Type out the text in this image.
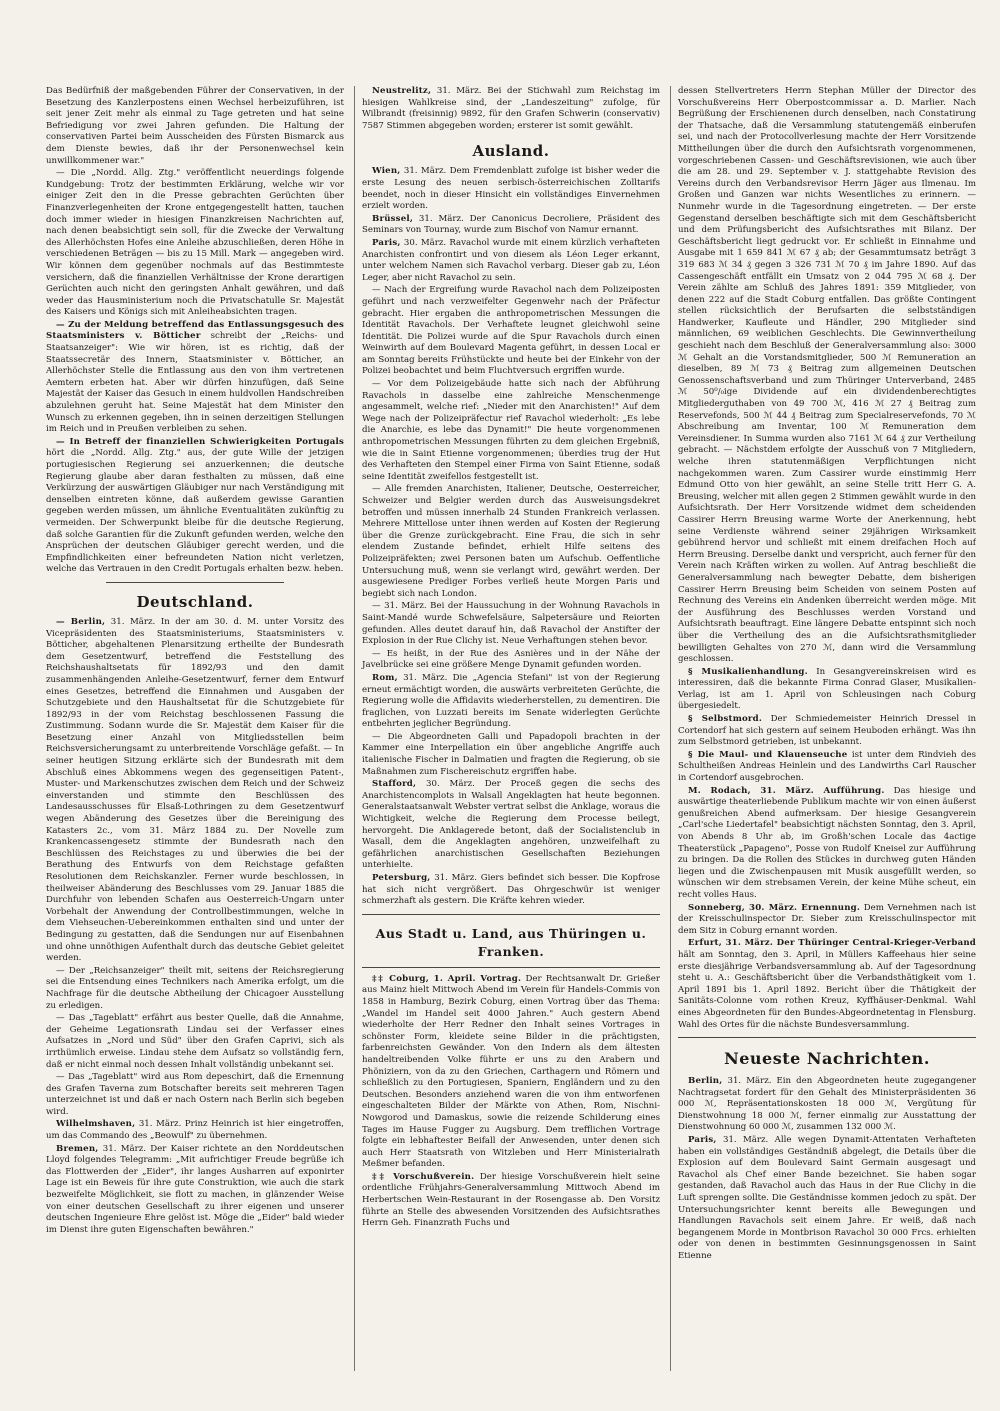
Das Bedürfniß der maßgebenden Führer der Conservativen, in der Besetzung des Kanzlerpostens einen Wechsel herbeizuführen, ist seit jener Zeit mehr als einmal zu Tage getreten und hat seine Befriedigung vor zwei Jahren gefunden. Die Haltung der conservativen Partei beim Ausscheiden des Fürsten Bismarck aus dem Dienste bewies, daß ihr der Personenwechsel kein unwillkommener war."

— Die „Nordd. Allg. Ztg." veröffentlicht neuerdings folgende Kundgebung: Trotz der bestimmten Erklärung, welche wir vor einiger Zeit den in die Presse gebrachten Gerüchten über Finanzverlegenheiten der Krone entgegengestellt hatten, tauchen doch immer wieder in hiesigen Finanzkreisen Nachrichten auf, nach denen beabsichtigt sein soll, für die Zwecke der Verwaltung des Allerhöchsten Hofes eine Anleihe abzuschließen, deren Höhe in verschiedenen Beträgen — bis zu 15 Mill. Mark — angegeben wird. Wir können dem gegenüber nochmals auf das Bestimmteste versichern, daß die finanziellen Verhältnisse der Krone derartigen Gerüchten auch nicht den geringsten Anhalt gewähren, und daß weder das Hausministerium noch die Privatschatulle Sr. Majestät des Kaisers und Königs sich mit Anleiheabsichten tragen.

— Zu der Meldung betreffend das Entlassungsgesuch des Staatsministers v. Bötticher schreibt der „Reichs- und Staatsanzeiger": Wie wir hören, ist es richtig, daß der Staatssecretär des Innern, Staatsminister v. Bötticher, an Allerhöchster Stelle die Entlassung aus den von ihm vertretenen Aemtern erbeten hat. Aber wir dürfen hinzufügen, daß Seine Majestät der Kaiser das Gesuch in einem huldvollen Handschreiben abzulehnen geruht hat. Seine Majestät hat dem Minister den Wunsch zu erkennen gegeben, ihn in seinen derzeitigen Stellungen im Reich und in Preußen verbleiben zu sehen.

— In Betreff der finanziellen Schwierigkeiten Portugals hört die „Nordd. Allg. Ztg." aus, der gute Wille der jetzigen portugiesischen Regierung sei anzuerkennen; die deutsche Regierung glaube aber daran festhalten zu müssen, daß eine Verkürzung der auswärtigen Gläubiger nur nach Verständigung mit denselben eintreten könne, daß außerdem gewisse Garantien gegeben werden müssen, um ähnliche Eventualitäten zukünftig zu vermeiden. Der Schwerpunkt bleibe für die deutsche Regierung, daß solche Garantien für die Zukunft gefunden werden, welche den Ansprüchen der deutschen Gläubiger gerecht werden, und die Empfindlichkeiten einer befreundeten Nation nicht verletzen, welche das Vertrauen in den Credit Portugals erhalten bezw. heben.

Deutschland.

— Berlin, 31. März. In der am 30. d. M. unter Vorsitz des Vicepräsidenten des Staatsministeriums, Staatsministers v. Bötticher, abgehaltenen Plenarsitzung ertheilte der Bundesrath dem Gesetzentwurf, betreffend die Feststellung des Reichshaushaltsetats für 1892/93 und den damit zusammenhängenden Anleihe-Gesetzentwurf, ferner dem Entwurf eines Gesetzes, betreffend die Einnahmen und Ausgaben der Schutzgebiete und den Haushaltsetat für die Schutzgebiete für 1892/93 in der vom Reichstag beschlossenen Fassung die Zustimmung. Sodann wurde die Sr. Majestät dem Kaiser für die Besetzung einer Anzahl von Mitgliedsstellen beim Reichsversicherungsamt zu unterbreitende Vorschläge gefaßt. — In seiner heutigen Sitzung erklärte sich der Bundesrath mit dem Abschluß eines Abkommens wegen des gegenseitigen Patent-, Muster- und Markenschutzes zwischen dem Reich und der Schweiz einverstanden und stimmte den Beschlüssen des Landesausschusses für Elsaß-Lothringen zu dem Gesetzentwurf wegen Abänderung des Gesetzes über die Bereinigung des Katasters 2c., vom 31. März 1884 zu. Der Novelle zum Krankencassengesetz stimmte der Bundesrath nach den Beschlüssen des Reichstages zu und überwies die bei der Berathung des Entwurfs von dem Reichstage gefaßten Resolutionen dem Reichskanzler. Ferner wurde beschlossen, in theilweiser Abänderung des Beschlusses vom 29. Januar 1885 die Durchfuhr von lebenden Schafen aus Oesterreich-Ungarn unter Vorbehalt der Anwendung der Controllbestimmungen, welche in dem Viehseuchen-Uebereinkommen enthalten sind und unter der Bedingung zu gestatten, daß die Sendungen nur auf Eisenbahnen und ohne unnöthigen Aufenthalt durch das deutsche Gebiet geleitet werden.

— Der „Reichsanzeiger" theilt mit, seitens der Reichsregierung sei die Entsendung eines Technikers nach Amerika erfolgt, um die Nachfrage für die deutsche Abtheilung der Chicagoer Ausstellung zu erledigen.

— Das „Tageblatt" erfährt aus bester Quelle, daß die Annahme, der Geheime Legationsrath Lindau sei der Verfasser eines Aufsatzes in „Nord und Süd" über den Grafen Caprivi, sich als irrthümlich erweise. Lindau stehe dem Aufsatz so vollständig fern, daß er nicht einmal noch dessen Inhalt vollständig unbekannt sei.

— Das „Tageblatt" wird aus Rom depeschirt, daß die Ernennung des Grafen Taverna zum Botschafter bereits seit mehreren Tagen unterzeichnet ist und daß er nach Ostern nach Berlin sich begeben wird.

Wilhelmshaven, 31. März. Prinz Heinrich ist hier eingetroffen, um das Commando des „Beowulf" zu übernehmen.

Bremen, 31. März. Der Kaiser richtete an den Norddeutschen Lloyd folgendes Telegramm: „Mit aufrichtiger Freude begrüße ich das Flottwerden der „Eider", ihr langes Ausharren auf exponirter Lage ist ein Beweis für ihre gute Construktion, wie auch die stark bezweifelte Möglichkeit, sie flott zu machen, in glänzender Weise von einer deutschen Gesellschaft zu ihrer eigenen und unserer deutschen Ingenieure Ehre gelöst ist. Möge die „Eider" bald wieder im Dienst ihre guten Eigenschaften bewähren."

Neustrelitz, 31. März. Bei der Stichwahl zum Reichstag im hiesigen Wahlkreise sind, der „Landeszeitung" zufolge, für Wilbrandt (freisinnig) 9892, für den Grafen Schwerin (conservativ) 7587 Stimmen abgegeben worden; ersterer ist somit gewählt.

Ausland.

Wien, 31. März. Dem Fremdenblatt zufolge ist bisher weder die erste Lesung des neuen serbisch-österreichischen Zolltarifs beendet, noch in dieser Hinsicht ein vollständiges Einvernehmen erzielt worden.

Brüssel, 31. März. Der Canonicus Decroliere, Präsident des Seminars von Tournay, wurde zum Bischof von Namur ernannt.

Paris, 30. März. Ravachol wurde mit einem kürzlich verhafteten Anarchisten confrontirt und von diesem als Léon Leger erkannt, unter welchem Namen sich Ravachol verbarg. Dieser gab zu, Léon Leger, aber nicht Ravachol zu sein.

— Nach der Ergreifung wurde Ravachol nach dem Polizeiposten geführt und nach verzweifelter Gegenwehr nach der Präfectur gebracht. Hier ergaben die anthropometrischen Messungen die Identität Ravachols. Der Verhaftete leugnet gleichwohl seine Identität. Die Polizei wurde auf die Spur Ravachols durch einen Weinwirth auf dem Boulevard Magenta geführt, in dessen Local er am Sonntag bereits Frühstückte und heute bei der Einkehr von der Polizei beobachtet und beim Fluchtversuch ergriffen wurde.

— Vor dem Polizeigebäude hatte sich nach der Abführung Ravachols in dasselbe eine zahlreiche Menschenmenge angesammelt, welche rief: „Nieder mit den Anarchisten!" Auf dem Wege nach der Polizeipräfectur rief Ravachol wiederholt: „Es lebe die Anarchie, es lebe das Dynamit!" Die heute vorgenommenen anthropometrischen Messungen führten zu dem gleichen Ergebniß, wie die in Saint Etienne vorgenommenen; überdies trug der Hut des Verhafteten den Stempel einer Firma von Saint Etienne, sodaß seine Identität zweifellos festgestellt ist.

— Alle fremden Anarchisten, Italiener, Deutsche, Oesterreicher, Schweizer und Belgier werden durch das Ausweisungsdekret betroffen und müssen innerhalb 24 Stunden Frankreich verlassen. Mehrere Mittellose unter ihnen werden auf Kosten der Regierung über die Grenze zurückgebracht. Eine Frau, die sich in sehr elendem Zustande befindet, erhielt Hilfe seitens des Polizeipräfekten; zwei Personen baten um Aufschub. Oeffentliche Untersuchung muß, wenn sie verlangt wird, gewährt werden. Der ausgewiesene Prediger Forbes verließ heute Morgen Paris und begiebt sich nach London.

— 31. März. Bei der Haussuchung in der Wohnung Ravachols in Saint-Mandé wurde Schwefelsäure, Salpetersäure und Reiorten gefunden. Alles deutet darauf hin, daß Ravachol der Anstifter der Explosion in der Rue Clichy ist. Neue Verhaftungen stehen bevor.

— Es heißt, in der Rue des Asnières und in der Nähe der Javelbrücke sei eine größere Menge Dynamit gefunden worden.

Rom, 31. März. Die „Agencia Stefani" ist von der Regierung erneut ermächtigt worden, die auswärts verbreiteten Gerüchte, die Regierung wolle die Affidavits wiederherstellen, zu dementiren. Die fraglichen, von Luzzati bereits im Senate widerlegten Gerüchte entbehrten jeglicher Begründung.

— Die Abgeordneten Galli und Papadopoli brachten in der Kammer eine Interpellation ein über angebliche Angriffe auch italienische Fischer in Dalmatien und fragten die Regierung, ob sie Maßnahmen zum Fischereischutz ergriffen habe.

Stafford, 30. März. Der Proceß gegen die sechs des Anarchistencomplots in Walsall Angeklagten hat heute begonnen. Generalstaatsanwalt Webster vertrat selbst die Anklage, woraus die Wichtigkeit, welche die Regierung dem Processe beilegt, hervorgeht. Die Anklagerede betont, daß der Socialistenclub in Wasall, dem die Angeklagten angehören, unzweifelhaft zu gefährlichen anarchistischen Gesellschaften Beziehungen unterhielte.

Petersburg, 31. März. Giers befindet sich besser. Die Kopfrose hat sich nicht vergrößert. Das Ohrgeschwür ist weniger schmerzhaft als gestern. Die Kräfte kehren wieder.

Aus Stadt u. Land, aus Thüringen u. Franken.

‡‡ Coburg, 1. April. Vortrag. Der Rechtsanwalt Dr. Grießer aus Mainz hielt Mittwoch Abend im Verein für Handels-Commis von 1858 in Hamburg, Bezirk Coburg, einen Vortrag über das Thema: „Wandel im Handel seit 4000 Jahren." Auch gestern Abend wiederholte der Herr Redner den Inhalt seines Vortrages in schönster Form, kleidete seine Bilder in die prächtigsten, farbenreichsten Gewänder. Von den Indern als dem ältesten handeltreibenden Volke führte er uns zu den Arabern und Phöniziern, von da zu den Griechen, Carthagern und Römern und schließlich zu den Portugiesen, Spaniern, Engländern und zu den Deutschen. Besonders anziehend waren die von ihm entworfenen eingeschalteten Bilder der Märkte von Athen, Rom, Nischni-Nowgorod und Damaskus, sowie die reizende Schilderung eines Tages im Hause Fugger zu Augsburg. Dem trefflichen Vortrage folgte ein lebhaftester Beifall der Anwesenden, unter denen sich auch Herr Staatsrath von Witzleben und Herr Ministerialrath Meßmer befanden.

‡‡ Vorschußverein. Der hiesige Vorschußverein hielt seine ordentliche Frühjahrs-Generalversammlung Mittwoch Abend im Herbertschen Wein-Restaurant in der Rosengasse ab. Den Vorsitz führte an Stelle des abwesenden Vorsitzenden des Aufsichtsrathes Herrn Geh. Finanzrath Fuchs und

dessen Stellvertreters Herrn Stephan Müller der Director des Vorschußvereins Herr Oberpostcommissar a. D. Marlier. Nach Begrüßung der Erschienenen durch denselben, nach Constatirung der Thatsache, daß die Versammlung statutengemäß einberufen sei, und nach der Protocollverlesung machte der Herr Vorsitzende Mittheilungen über die durch den Aufsichtsrath vorgenommenen, vorgeschriebenen Cassen- und Geschäftsrevisionen, wie auch über die am 28. und 29. September v. J. stattgehabte Revision des Vereins durch den Verbandsrevisor Herrn Jäger aus Ilmenau. Im Großen und Ganzen war nichts Wesentliches zu erinnern. — Nunmehr wurde in die Tagesordnung eingetreten. — Der erste Gegenstand derselben beschäftigte sich mit dem Geschäftsbericht und dem Prüfungsbericht des Aufsichtsrathes mit Bilanz. Der Geschäftsbericht liegt gedruckt vor. Er schließt in Einnahme und Ausgabe mit 1 659 841 ℳ 67 ₰ ab; der Gesammtumsatz beträgt 3 319 683 ℳ 34 ₰ gegen 3 326 731 ℳ 70 ₰ im Jahre 1890. Auf das Cassengeschäft entfällt ein Umsatz von 2 044 795 ℳ 68 ₰. Der Verein zählte am Schluß des Jahres 1891: 359 Mitglieder, von denen 222 auf die Stadt Coburg entfallen. Das größte Contingent stellen rücksichtlich der Berufsarten die selbstständigen Handwerker, Kaufleute und Händler, 290 Mitglieder sind männlichen, 69 weiblichen Geschlechts. Die Gewinnvertheilung geschieht nach dem Beschluß der Generalversammlung also: 3000 ℳ Gehalt an die Vorstandsmitglieder, 500 ℳ Remuneration an dieselben, 89 ℳ 73 ₰ Beitrag zum allgemeinen Deutschen Genossenschaftsverband und zum Thüringer Unterverband, 2485 ℳ 50⁰/₀ige Dividende auf ein dividendenberechtigtes Mitgliederguthaben von 49 700 ℳ, 416 ℳ 27 ₰ Beitrag zum Reservefonds, 500 ℳ 44 ₰ Beitrag zum Specialreservefonds, 70 ℳ Abschreibung am Inventar, 100 ℳ Remuneration dem Vereinsdiener. In Summa wurden also 7161 ℳ 64 ₰ zur Vertheilung gebracht. — Nächstdem erfolgte der Ausschuß von 7 Mitgliedern, welche ihren statutenmäßigen Verpflichtungen nicht nachgekommen waren. Zum Cassirer wurde einstimmig Herr Edmund Otto von hier gewählt, an seine Stelle tritt Herr G. A. Breusing, welcher mit allen gegen 2 Stimmen gewählt wurde in den Aufsichtsrath. Der Herr Vorsitzende widmet dem scheidenden Cassirer Herrn Breusing warme Worte der Anerkennung, hebt seine Verdienste während seiner 29jährigen Wirksamkeit gebührend hervor und schließt mit einem dreifachen Hoch auf Herrn Breusing. Derselbe dankt und verspricht, auch ferner für den Verein nach Kräften wirken zu wollen. Auf Antrag beschließt die Generalversammlung nach bewegter Debatte, dem bisherigen Cassirer Herrn Breusing beim Scheiden von seinem Posten auf Rechnung des Vereins ein Andenken überreicht werden möge. Mit der Ausführung des Beschlusses werden Vorstand und Aufsichtsrath beauftragt. Eine längere Debatte entspinnt sich noch über die Vertheilung des an die Aufsichtsrathsmitglieder bewilligten Gehaltes von 270 ℳ, dann wird die Versammlung geschlossen.

§ Musikalienhandlung. In Gesangvereinskreisen wird es interessiren, daß die bekannte Firma Conrad Glaser, Musikalien-Verlag, ist am 1. April von Schleusingen nach Coburg übergesiedelt.

§ Selbstmord. Der Schmiedemeister Heinrich Dressel in Cortendorf hat sich gestern auf seinem Heuboden erhängt. Was ihn zum Selbstmord getrieben, ist unbekannt.

§ Die Maul- und Klauenseuche ist unter dem Rindvieh des Schultheißen Andreas Heinlein und des Landwirths Carl Rauscher in Cortendorf ausgebrochen.

M. Rodach, 31. März. Aufführung. Das hiesige und auswärtige theaterliebende Publikum machte wir von einen äußerst genußreichen Abend aufmerksam. Der hiesige Gesangverein „Carl'sche Liedertafel" beabsichtigt nächsten Sonntag, den 3. April, von Abends 8 Uhr ab, im Großh'schen Locale das 4actige Theaterstück „Papageno", Posse von Rudolf Kneisel zur Aufführung zu bringen. Da die Rollen des Stückes in durchweg guten Händen liegen und die Zwischenpausen mit Musik ausgefüllt werden, so wünschen wir dem strebsamen Verein, der keine Mühe scheut, ein recht volles Haus.

Sonneberg, 30. März. Ernennung. Dem Vernehmen nach ist der Kreisschulinspector Dr. Sieber zum Kreisschulinspector mit dem Sitz in Coburg ernannt worden.

Erfurt, 31. März. Der Thüringer Central-Krieger-Verband hält am Sonntag, den 3. April, in Müllers Kaffeehaus hier seine erste diesjährige Verbandsversammlung ab. Auf der Tagesordnung steht u. A.: Geschäftsbericht über die Verbandsthätigkeit vom 1. April 1891 bis 1. April 1892. Bericht über die Thätigkeit der Sanitäts-Colonne vom rothen Kreuz, Kyffhäuser-Denkmal. Wahl eines Abgeordneten für den Bundes-Abgeordnetentag in Flensburg. Wahl des Ortes für die nächste Bundesversammlung.

Neueste Nachrichten.

Berlin, 31. März. Ein den Abgeordneten heute zugegangener Nachtragsetat fordert für den Gehalt des Ministerpräsidenten 36 000 ℳ, Repräsentationskosten 18 000 ℳ, Vergütung für Dienstwohnung 18 000 ℳ, ferner einmalig zur Ausstattung der Dienstwohnung 60 000 ℳ, zusammen 132 000 ℳ.

Paris, 31. März. Alle wegen Dynamit-Attentaten Verhafteten haben ein vollständiges Geständniß abgelegt, die Details über die Explosion auf dem Boulevard Saint Germain ausgesagt und Ravachol als Chef einer Bande bezeichnet. Sie haben sogar gestanden, daß Ravachol auch das Haus in der Rue Clichy in die Luft sprengen sollte. Die Geständnisse kommen jedoch zu spät. Der Untersuchungsrichter kennt bereits alle Bewegungen und Handlungen Ravachols seit einem Jahre. Er weiß, daß nach begangenem Morde in Montbrison Ravachol 30 000 Frcs. erhielten oder von denen in bestimmten Gesinnungsgenossen in Saint Etienne
